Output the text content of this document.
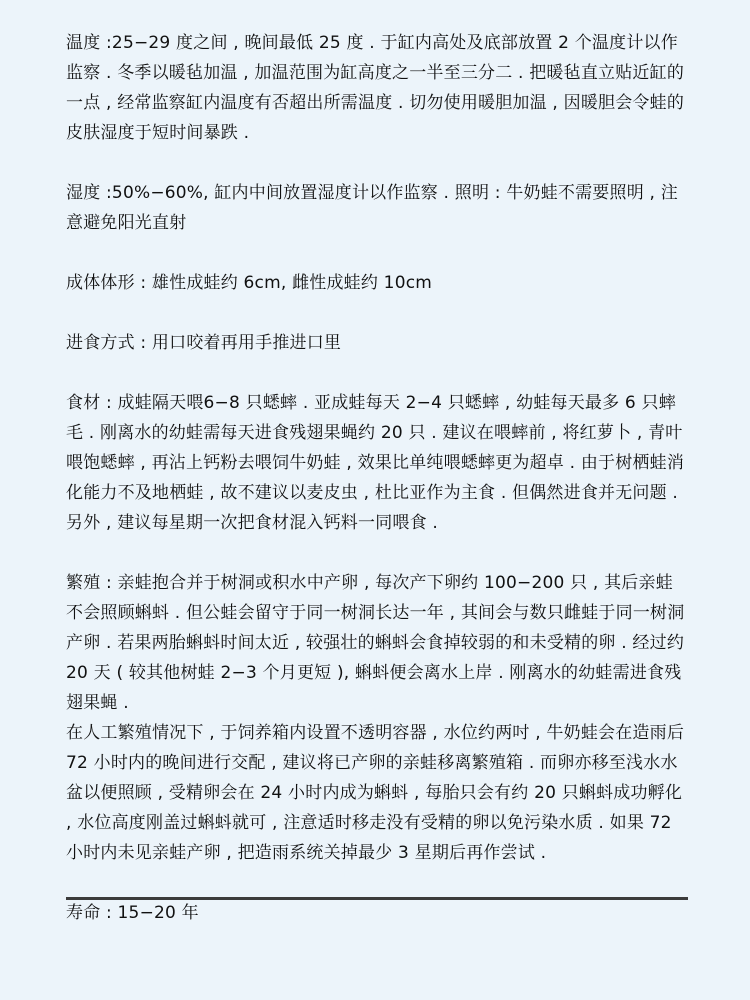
温度 :25−29 度之间 , 晚间最低 25 度 . 于缸内高处及底部放置 2 个温度计以作监察 . 冬季以暖毡加温 , 加温范围为缸高度之一半至三分二 . 把暖毡直立贴近缸的一点 , 经常监察缸内温度有否超出所需温度 . 切勿使用暖胆加温 , 因暖胆会令蛙的皮肤湿度于短时间暴跌 .

湿度 :50%−60%, 缸内中间放置湿度计以作监察 . 照明 : 牛奶蛙不需要照明 , 注意避免阳光直射

成体体形 : 雄性成蛙约 6cm, 雌性成蛙约 10cm

进食方式 : 用口咬着再用手推进口里

食材 : 成蛙隔天喂6−8 只蟋蟀 . 亚成蛙每天 2−4 只蟋蟀 , 幼蛙每天最多 6 只蟀毛 . 刚离水的幼蛙需每天进食残翅果蝇约 20 只 . 建议在喂蟀前 , 将红萝卜 , 青叶喂饱蟋蟀 , 再沾上钙粉去喂饲牛奶蛙 , 效果比单纯喂蟋蟀更为超卓 . 由于树栖蛙消化能力不及地栖蛙 , 故不建议以麦皮虫 , 杜比亚作为主食 . 但偶然进食并无问题 . 另外 , 建议每星期一次把食材混入钙料一同喂食 .

繁殖 : 亲蛙抱合并于树洞或积水中产卵 , 每次产下卵约 100−200 只 , 其后亲蛙不会照顾蝌蚪 . 但公蛙会留守于同一树洞长达一年 , 其间会与数只雌蛙于同一树洞产卵 . 若果两胎蝌蚪时间太近 , 较强壮的蝌蚪会食掉较弱的和未受精的卵 . 经过约 20 天 ( 较其他树蛙 2−3 个月更短 ), 蝌蚪便会离水上岸 . 刚离水的幼蛙需进食残翅果蝇 .
在人工繁殖情况下 , 于饲养箱内设置不透明容器 , 水位约两吋 , 牛奶蛙会在造雨后 72 小时内的晚间进行交配 , 建议将已产卵的亲蛙移离繁殖箱 . 而卵亦移至浅水水盆以便照顾 , 受精卵会在 24 小时内成为蝌蚪 , 每胎只会有约 20 只蝌蚪成功孵化 , 水位高度刚盖过蝌蚪就可 , 注意适时移走没有受精的卵以免污染水质 . 如果 72 小时内未见亲蛙产卵 , 把造雨系统关掉最少 3 星期后再作尝试 .

寿命 : 15−20 年
